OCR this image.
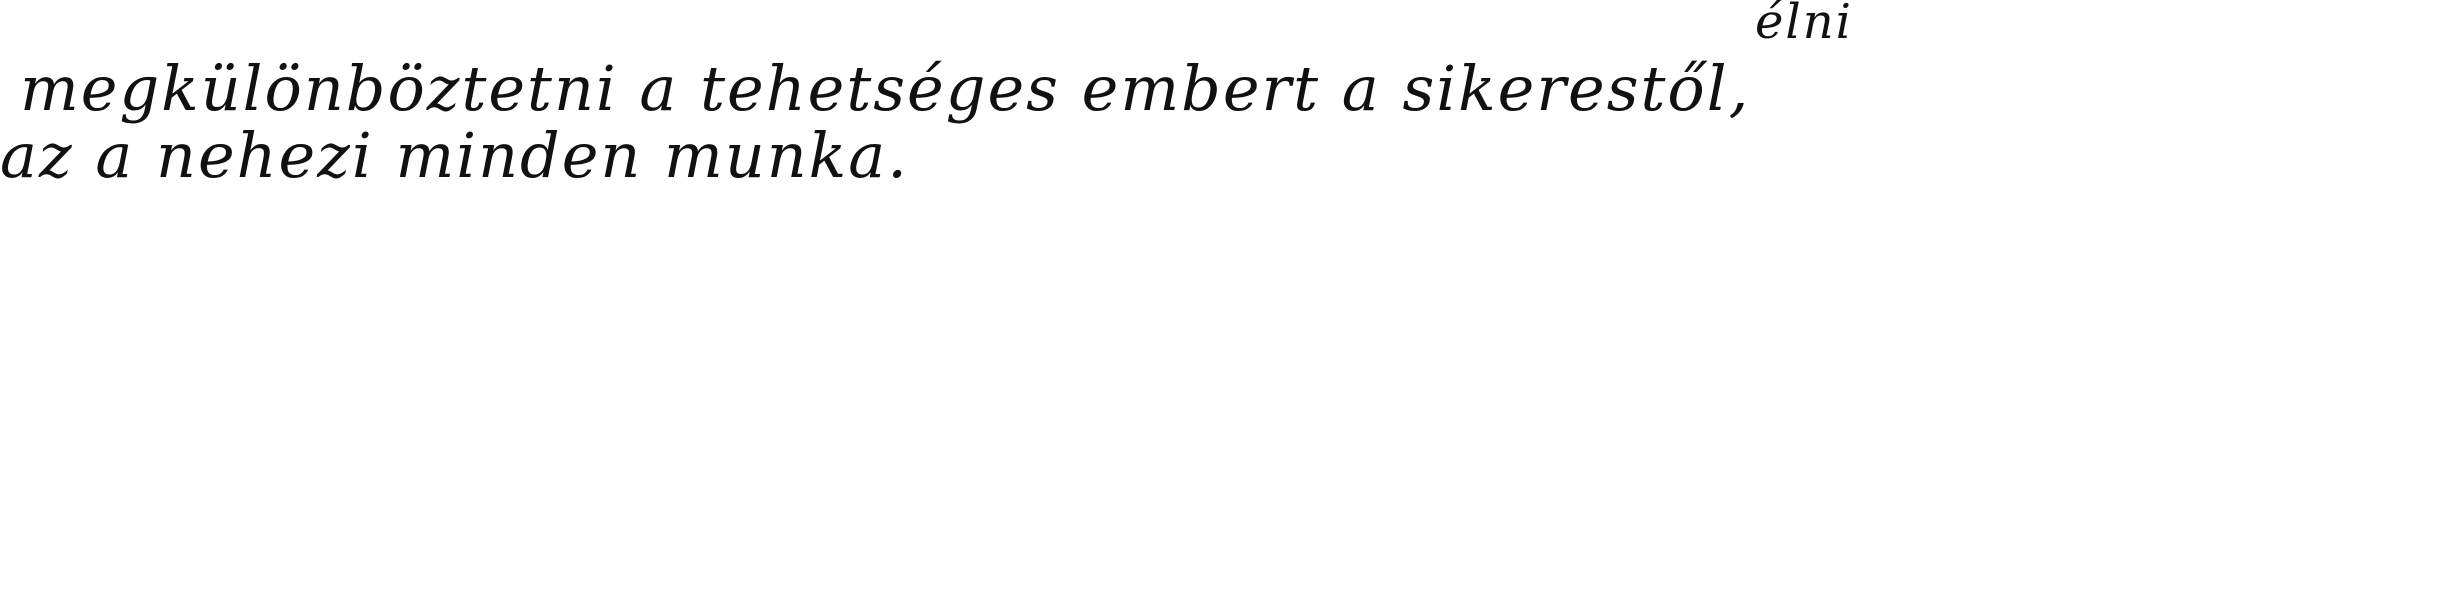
élni
megkülönböztetni a tehetséges embert a sikerestől,
az a nehezi minden munka.
